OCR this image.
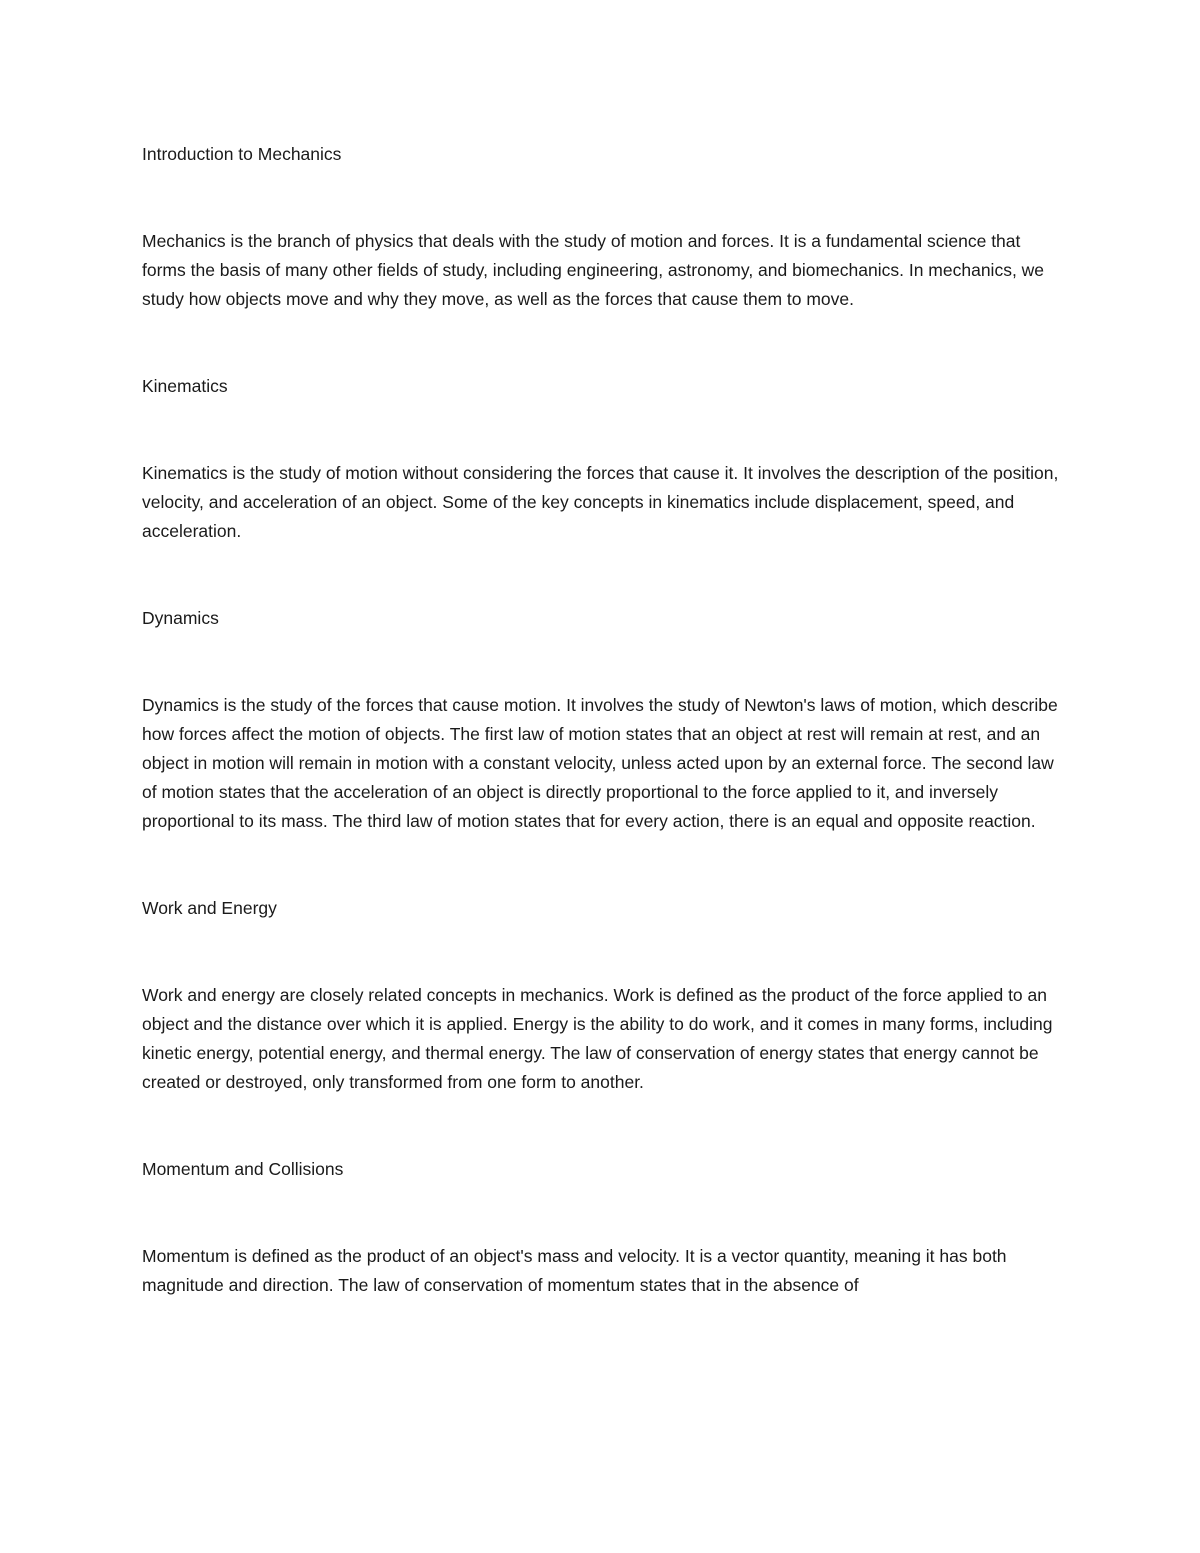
Introduction to Mechanics

Mechanics is the branch of physics that deals with the study of motion and forces. It is a fundamental science that forms the basis of many other fields of study, including engineering, astronomy, and biomechanics. In mechanics, we study how objects move and why they move, as well as the forces that cause them to move.

Kinematics

Kinematics is the study of motion without considering the forces that cause it. It involves the description of the position, velocity, and acceleration of an object. Some of the key concepts in kinematics include displacement, speed, and acceleration.

Dynamics

Dynamics is the study of the forces that cause motion. It involves the study of Newton's laws of motion, which describe how forces affect the motion of objects. The first law of motion states that an object at rest will remain at rest, and an object in motion will remain in motion with a constant velocity, unless acted upon by an external force. The second law of motion states that the acceleration of an object is directly proportional to the force applied to it, and inversely proportional to its mass. The third law of motion states that for every action, there is an equal and opposite reaction.

Work and Energy

Work and energy are closely related concepts in mechanics. Work is defined as the product of the force applied to an object and the distance over which it is applied. Energy is the ability to do work, and it comes in many forms, including kinetic energy, potential energy, and thermal energy. The law of conservation of energy states that energy cannot be created or destroyed, only transformed from one form to another.

Momentum and Collisions

Momentum is defined as the product of an object's mass and velocity. It is a vector quantity, meaning it has both magnitude and direction. The law of conservation of momentum states that in the absence of
